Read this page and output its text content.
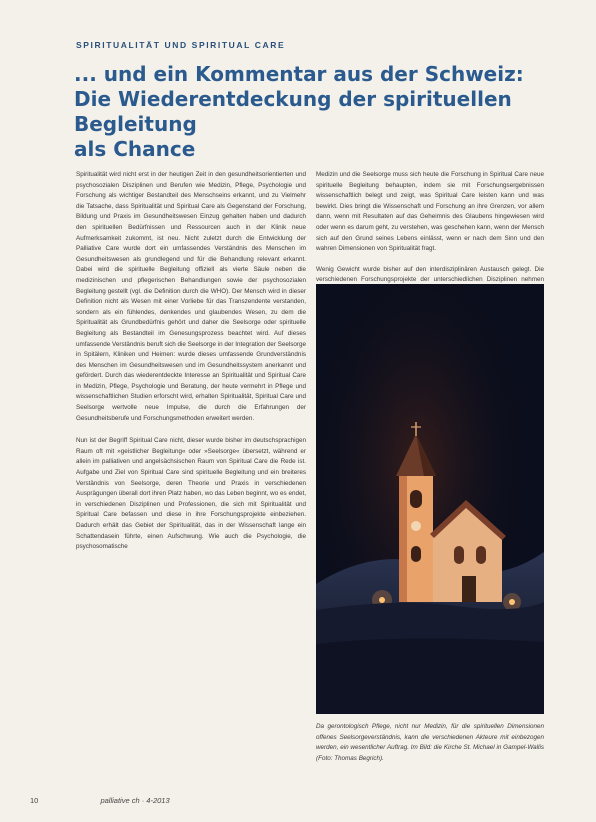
SPIRITUALITÄT UND SPIRITUAL CARE
... und ein Kommentar aus der Schweiz:
Die Wiederentdeckung der spirituellen Begleitung
als Chance

Spiritualität wird nicht erst in der heutigen Zeit in den gesundheitsorientierten und psychosozialen Disziplinen und Berufen wie Medizin, Pflege, Psychologie und Forschung als wichtiger Bestandteil des Menschseins erkannt, und zu Vielmehr die Tatsache, dass Spiritualität und Spiritual Care als Gegenstand der Forschung, Bildung und Praxis im Gesundheitswesen Einzug gehalten haben und dadurch den spirituellen Bedürfnissen und Ressourcen auch in der Klinik neue Aufmerksamkeit zukommt, ist neu. Nicht zuletzt durch die Entwicklung der Palliative Care wurde dort ein umfassendes Verständnis des Menschen im Gesundheitswesen als grundlegend und für die Behandlung relevant erkannt. Dabei wird die spirituelle Begleitung offiziell als vierte Säule neben die medizinischen und pflegerischen Behandlungen sowie der psychosozialen Begleitung gestellt (vgl. die Definition durch die WHO). Der Mensch wird in dieser Definition nicht als Wesen mit einer Vorliebe für das Transzendente verstanden, sondern als ein fühlendes, denkendes und glaubendes Wesen, zu dem die Spiritualität als Grundbedürfnis gehört und daher die Seelsorge oder spirituelle Begleitung als Bestandteil im Genesungsprozess beachtet wird. Auf dieses umfassende Verständnis beruft sich die Seelsorge in der Integration der Seelsorge in Spitälern, Kliniken und Heimen: wurde dieses umfassende Grundverständnis des Menschen im Gesundheitswesen und im Gesundheitssystem anerkannt und gefördert. Durch das wiederentdeckte Interesse an Spiritualität und Spiritual Care in Medizin, Pflege, Psychologie und Beratung, der heute vermehrt in Pflege und wissenschaftlichen Studien erforscht wird, erhalten Spiritualität, Spiritual Care und Seelsorge wertvolle neue Impulse, die durch die Erfahrungen der Gesundheitsberufe und Forschungsmethoden erweitert werden.

Nun ist der Begriff Spiritual Care nicht, dieser wurde bisher im deutschsprachigen Raum oft mit »geistlicher Begleitung« oder »Seelsorge« übersetzt, während er allein im palliativen und angelsächsischen Raum von Spiritual Care die Rede ist. Aufgabe und Ziel von Spiritual Care sind spirituelle Begleitung und ein breiteres Verständnis von Seelsorge, deren Theorie und Praxis in verschiedenen Ausprägungen überall dort ihren Platz haben, wo das Leben beginnt, wo es endet, in verschiedenen Disziplinen und Professionen, die sich mit Spiritualität und Spiritual Care befassen und diese in ihre Forschungsprojekte einbeziehen. Dadurch erhält das Gebiet der Spiritualität, das in der Wissenschaft lange ein Schattendasein führte, einen Aufschwung. Wie auch die Psychologie, die psychosomatische

Medizin und die Seelsorge muss sich heute die Forschung in Spiritual Care neue spirituelle Begleitung behaupten, indem sie mit Forschungsergebnissen wissenschaftlich belegt und zeigt, was Spiritual Care leisten kann und was bewirkt. Dies bringt die Wissenschaft und Forschung an ihre Grenzen, vor allem dann, wenn mit Resultaten auf das Geheimnis des Glaubens hingewiesen wird oder wenn es darum geht, zu verstehen, was geschehen kann, wenn der Mensch sich auf den Grund seines Lebens einlässt, wenn er nach dem Sinn und den wahren Dimensionen von Spiritualität fragt.

Wenig Gewicht wurde bisher auf den interdisziplinären Austausch gelegt. Die verschiedenen Forschungsprojekte der unterschiedlichen Disziplinen nehmen

Da gerontologisch Pflege, nicht nur Medizin, für die spirituellen Dimensionen offenes Seelsorgeverständnis, kann die verschiedenen Akteure mit einbezogen werden, ein wesentlicher Auftrag. Im Bild: die Kirche St. Michael in Gampel-Wallis (Foto: Thomas Begrich).

10	palliative ch · 4-2013
